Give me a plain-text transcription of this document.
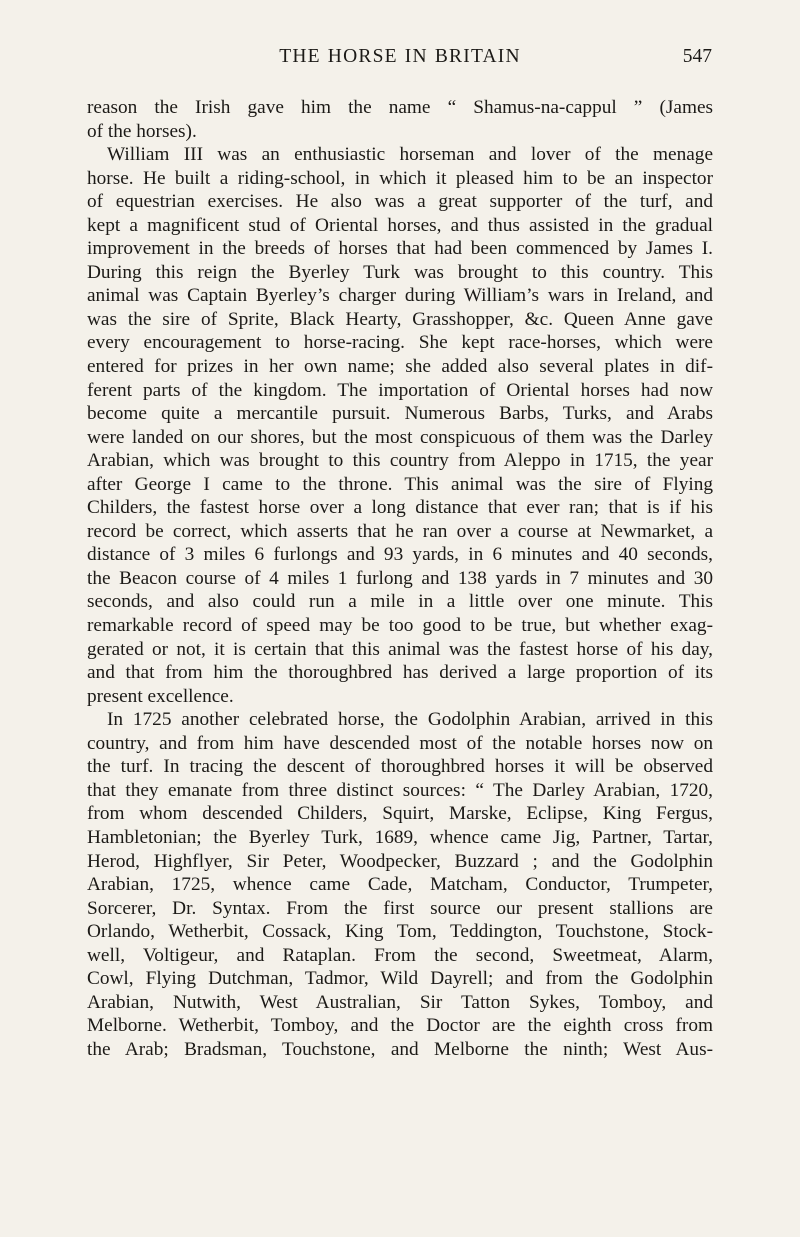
THE HORSE IN BRITAIN	547
reason the Irish gave him the name “ Shamus-na-cappul ” (James
of the horses).
William III was an enthusiastic horseman and lover of the menage
horse. He built a riding-school, in which it pleased him to be an inspector
of equestrian exercises. He also was a great supporter of the turf, and
kept a magnificent stud of Oriental horses, and thus assisted in the gradual
improvement in the breeds of horses that had been commenced by James I.
During this reign the Byerley Turk was brought to this country. This
animal was Captain Byerley’s charger during William’s wars in Ireland, and
was the sire of Sprite, Black Hearty, Grasshopper, &c. Queen Anne gave
every encouragement to horse-racing. She kept race-horses, which were
entered for prizes in her own name; she added also several plates in dif-
ferent parts of the kingdom. The importation of Oriental horses had now
become quite a mercantile pursuit. Numerous Barbs, Turks, and Arabs
were landed on our shores, but the most conspicuous of them was the Darley
Arabian, which was brought to this country from Aleppo in 1715, the year
after George I came to the throne. This animal was the sire of Flying
Childers, the fastest horse over a long distance that ever ran; that is if his
record be correct, which asserts that he ran over a course at Newmarket, a
distance of 3 miles 6 furlongs and 93 yards, in 6 minutes and 40 seconds,
the Beacon course of 4 miles 1 furlong and 138 yards in 7 minutes and 30
seconds, and also could run a mile in a little over one minute. This
remarkable record of speed may be too good to be true, but whether exag-
gerated or not, it is certain that this animal was the fastest horse of his day,
and that from him the thoroughbred has derived a large proportion of its
present excellence.
In 1725 another celebrated horse, the Godolphin Arabian, arrived in this
country, and from him have descended most of the notable horses now on
the turf. In tracing the descent of thoroughbred horses it will be observed
that they emanate from three distinct sources: “ The Darley Arabian, 1720,
from whom descended Childers, Squirt, Marske, Eclipse, King Fergus,
Hambletonian; the Byerley Turk, 1689, whence came Jig, Partner, Tartar,
Herod, Highflyer, Sir Peter, Woodpecker, Buzzard ; and the Godolphin
Arabian, 1725, whence came Cade, Matcham, Conductor, Trumpeter,
Sorcerer, Dr. Syntax. From the first source our present stallions are
Orlando, Wetherbit, Cossack, King Tom, Teddington, Touchstone, Stock-
well, Voltigeur, and Rataplan. From the second, Sweetmeat, Alarm,
Cowl, Flying Dutchman, Tadmor, Wild Dayrell; and from the Godolphin
Arabian, Nutwith, West Australian, Sir Tatton Sykes, Tomboy, and
Melborne. Wetherbit, Tomboy, and the Doctor are the eighth cross from
the Arab; Bradsman, Touchstone, and Melborne the ninth; West Aus-
